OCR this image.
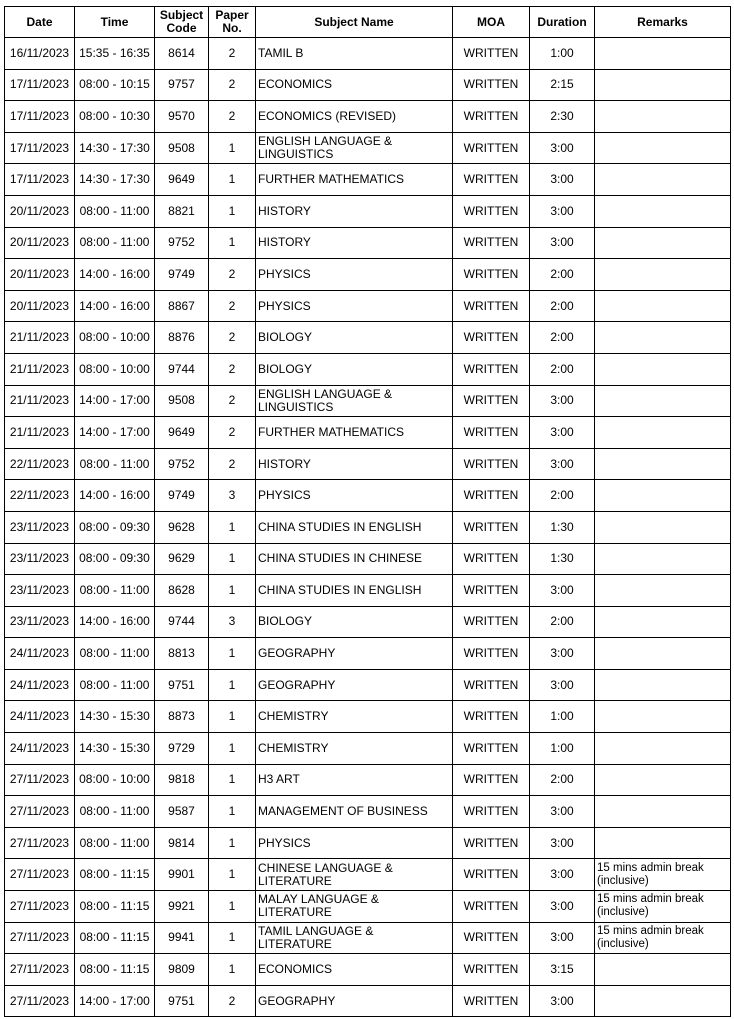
Date	Time	Subject Code	Paper No.	Subject Name	MOA	Duration	Remarks
16/11/2023	15:35 - 16:35	8614	2	TAMIL B	WRITTEN	1:00	
17/11/2023	08:00 - 10:15	9757	2	ECONOMICS	WRITTEN	2:15	
17/11/2023	08:00 - 10:30	9570	2	ECONOMICS (REVISED)	WRITTEN	2:30	
17/11/2023	14:30 - 17:30	9508	1	ENGLISH LANGUAGE & LINGUISTICS	WRITTEN	3:00	
17/11/2023	14:30 - 17:30	9649	1	FURTHER MATHEMATICS	WRITTEN	3:00	
20/11/2023	08:00 - 11:00	8821	1	HISTORY	WRITTEN	3:00	
20/11/2023	08:00 - 11:00	9752	1	HISTORY	WRITTEN	3:00	
20/11/2023	14:00 - 16:00	9749	2	PHYSICS	WRITTEN	2:00	
20/11/2023	14:00 - 16:00	8867	2	PHYSICS	WRITTEN	2:00	
21/11/2023	08:00 - 10:00	8876	2	BIOLOGY	WRITTEN	2:00	
21/11/2023	08:00 - 10:00	9744	2	BIOLOGY	WRITTEN	2:00	
21/11/2023	14:00 - 17:00	9508	2	ENGLISH LANGUAGE & LINGUISTICS	WRITTEN	3:00	
21/11/2023	14:00 - 17:00	9649	2	FURTHER MATHEMATICS	WRITTEN	3:00	
22/11/2023	08:00 - 11:00	9752	2	HISTORY	WRITTEN	3:00	
22/11/2023	14:00 - 16:00	9749	3	PHYSICS	WRITTEN	2:00	
23/11/2023	08:00 - 09:30	9628	1	CHINA STUDIES IN ENGLISH	WRITTEN	1:30	
23/11/2023	08:00 - 09:30	9629	1	CHINA STUDIES IN CHINESE	WRITTEN	1:30	
23/11/2023	08:00 - 11:00	8628	1	CHINA STUDIES IN ENGLISH	WRITTEN	3:00	
23/11/2023	14:00 - 16:00	9744	3	BIOLOGY	WRITTEN	2:00	
24/11/2023	08:00 - 11:00	8813	1	GEOGRAPHY	WRITTEN	3:00	
24/11/2023	08:00 - 11:00	9751	1	GEOGRAPHY	WRITTEN	3:00	
24/11/2023	14:30 - 15:30	8873	1	CHEMISTRY	WRITTEN	1:00	
24/11/2023	14:30 - 15:30	9729	1	CHEMISTRY	WRITTEN	1:00	
27/11/2023	08:00 - 10:00	9818	1	H3 ART	WRITTEN	2:00	
27/11/2023	08:00 - 11:00	9587	1	MANAGEMENT OF BUSINESS	WRITTEN	3:00	
27/11/2023	08:00 - 11:00	9814	1	PHYSICS	WRITTEN	3:00	
27/11/2023	08:00 - 11:15	9901	1	CHINESE LANGUAGE & LITERATURE	WRITTEN	3:00	15 mins admin break (inclusive)
27/11/2023	08:00 - 11:15	9921	1	MALAY LANGUAGE & LITERATURE	WRITTEN	3:00	15 mins admin break (inclusive)
27/11/2023	08:00 - 11:15	9941	1	TAMIL LANGUAGE & LITERATURE	WRITTEN	3:00	15 mins admin break (inclusive)
27/11/2023	08:00 - 11:15	9809	1	ECONOMICS	WRITTEN	3:15	
27/11/2023	14:00 - 17:00	9751	2	GEOGRAPHY	WRITTEN	3:00	
